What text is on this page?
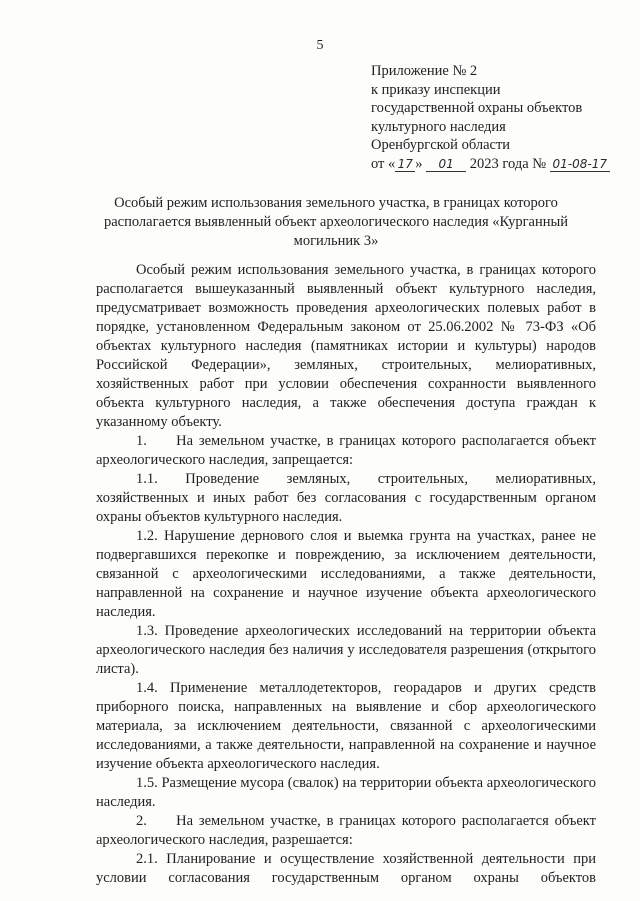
5
Приложение № 2
к приказу инспекции
государственной охраны объектов
культурного наследия
Оренбургской области
от « 17 » 01 2023 года № 01-08-17
Особый режим использования земельного участка, в границах которого располагается выявленный объект археологического наследия «Курганный могильник 3»

Особый режим использования земельного участка, в границах которого располагается вышеуказанный выявленный объект культурного наследия, предусматривает возможность проведения археологических полевых работ в порядке, установленном Федеральным законом от 25.06.2002 № 73-ФЗ «Об объектах культурного наследия (памятниках истории и культуры) народов Российской Федерации», земляных, строительных, мелиоративных, хозяйственных работ при условии обеспечения сохранности выявленного объекта культурного наследия, а также обеспечения доступа граждан к указанному объекту.

1.     На земельном участке, в границах которого располагается объект археологического наследия, запрещается:

1.1. Проведение земляных, строительных, мелиоративных, хозяйственных и иных работ без согласования с государственным органом охраны объектов культурного наследия.

1.2. Нарушение дернового слоя и выемка грунта на участках, ранее не подвергавшихся перекопке и повреждению, за исключением деятельности, связанной с археологическими исследованиями, а также деятельности, направленной на сохранение и научное изучение объекта археологического наследия.

1.3. Проведение археологических исследований на территории объекта археологического наследия без наличия у исследователя разрешения (открытого листа).

1.4. Применение металлодетекторов, георадаров и других средств приборного поиска, направленных на выявление и сбор археологического материала, за исключением деятельности, связанной с археологическими исследованиями, а также деятельности, направленной на сохранение и научное изучение объекта археологического наследия.

1.5. Размещение мусора (свалок) на территории объекта археологического наследия.

2.     На земельном участке, в границах которого располагается объект археологического наследия, разрешается:

2.1. Планирование и осуществление хозяйственной деятельности при условии согласования государственным органом охраны объектов
